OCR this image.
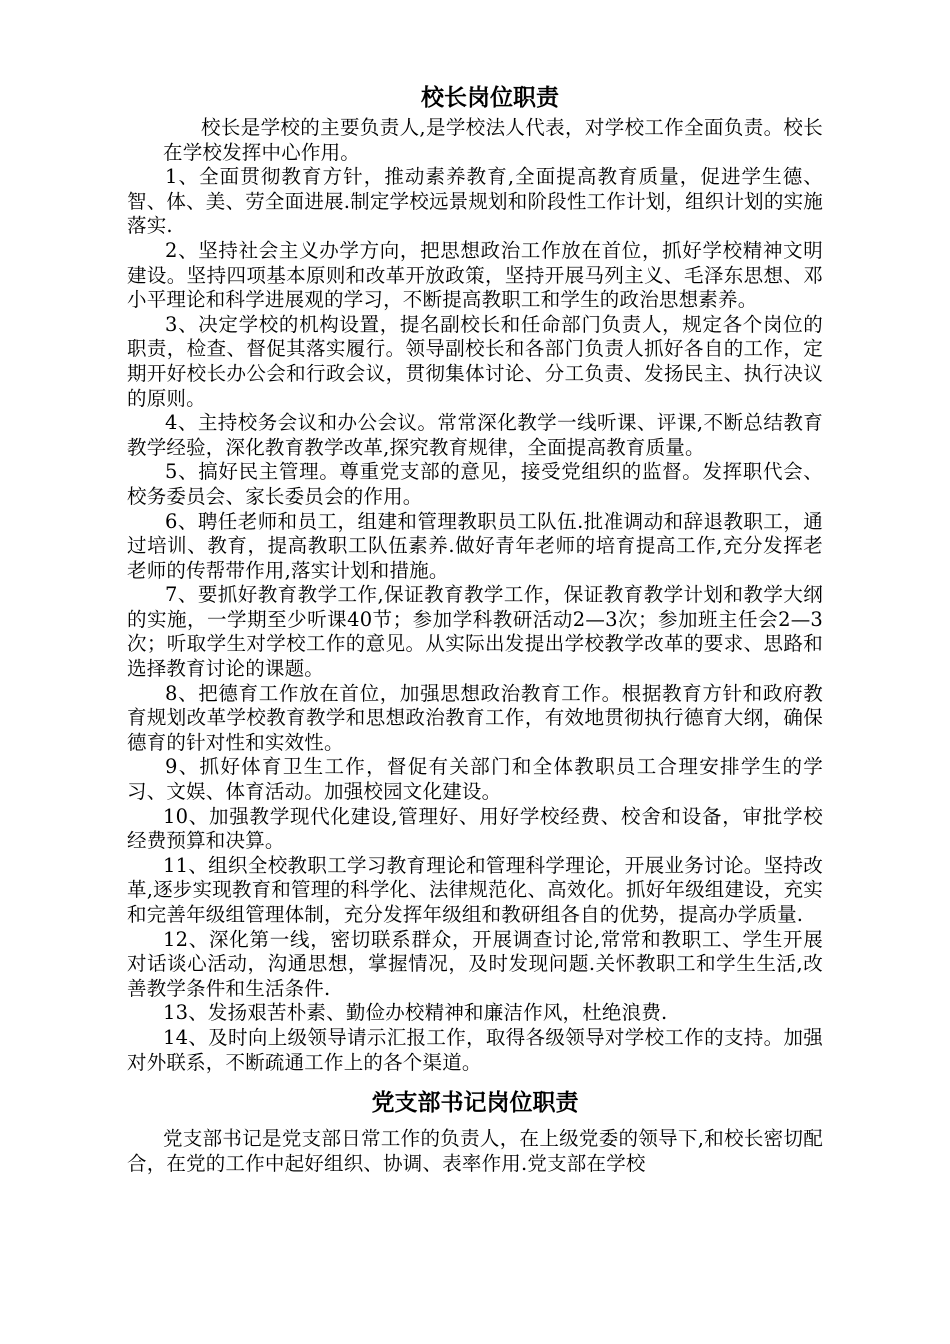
校长岗位职责

校长是学校的主要负责人,是学校法人代表，对学校工作全面负责。校长在学校发挥中心作用。

1、全面贯彻教育方针，推动素养教育,全面提高教育质量，促进学生德、智、体、美、劳全面进展.制定学校远景规划和阶段性工作计划，组织计划的实施落实.

2、坚持社会主义办学方向，把思想政治工作放在首位，抓好学校精神文明建设。坚持四项基本原则和改革开放政策，坚持开展马列主义、毛泽东思想、邓小平理论和科学进展观的学习，不断提高教职工和学生的政治思想素养。

3、决定学校的机构设置，提名副校长和任命部门负责人，规定各个岗位的职责，检查、督促其落实履行。领导副校长和各部门负责人抓好各自的工作，定期开好校长办公会和行政会议，贯彻集体讨论、分工负责、发扬民主、执行决议的原则。

4、主持校务会议和办公会议。常常深化教学一线听课、评课,不断总结教育教学经验，深化教育教学改革,探究教育规律，全面提高教育质量。

5、搞好民主管理。尊重党支部的意见，接受党组织的监督。发挥职代会、校务委员会、家长委员会的作用。

6、聘任老师和员工，组建和管理教职员工队伍.批准调动和辞退教职工，通过培训、教育，提高教职工队伍素养.做好青年老师的培育提高工作,充分发挥老老师的传帮带作用,落实计划和措施。

7、要抓好教育教学工作,保证教育教学工作，保证教育教学计划和教学大纲的实施，一学期至少听课40节；参加学科教研活动2—3次；参加班主任会2—3次；听取学生对学校工作的意见。从实际出发提出学校教学改革的要求、思路和选择教育讨论的课题。

8、把德育工作放在首位，加强思想政治教育工作。根据教育方针和政府教育规划改革学校教育教学和思想政治教育工作，有效地贯彻执行德育大纲，确保德育的针对性和实效性。

9、抓好体育卫生工作，督促有关部门和全体教职员工合理安排学生的学习、文娱、体育活动。加强校园文化建设。

10、加强教学现代化建设,管理好、用好学校经费、校舍和设备，审批学校经费预算和决算。

11、组织全校教职工学习教育理论和管理科学理论，开展业务讨论。坚持改革,逐步实现教育和管理的科学化、法律规范化、高效化。抓好年级组建设，充实和完善年级组管理体制，充分发挥年级组和教研组各自的优势，提高办学质量.

12、深化第一线，密切联系群众，开展调查讨论,常常和教职工、学生开展对话谈心活动，沟通思想，掌握情况，及时发现问题.关怀教职工和学生生活,改善教学条件和生活条件.

13、发扬艰苦朴素、勤俭办校精神和廉洁作风，杜绝浪费.

14、及时向上级领导请示汇报工作，取得各级领导对学校工作的支持。加强对外联系，不断疏通工作上的各个渠道。

党支部书记岗位职责

党支部书记是党支部日常工作的负责人，在上级党委的领导下,和校长密切配合，在党的工作中起好组织、协调、表率作用.党支部在学校
